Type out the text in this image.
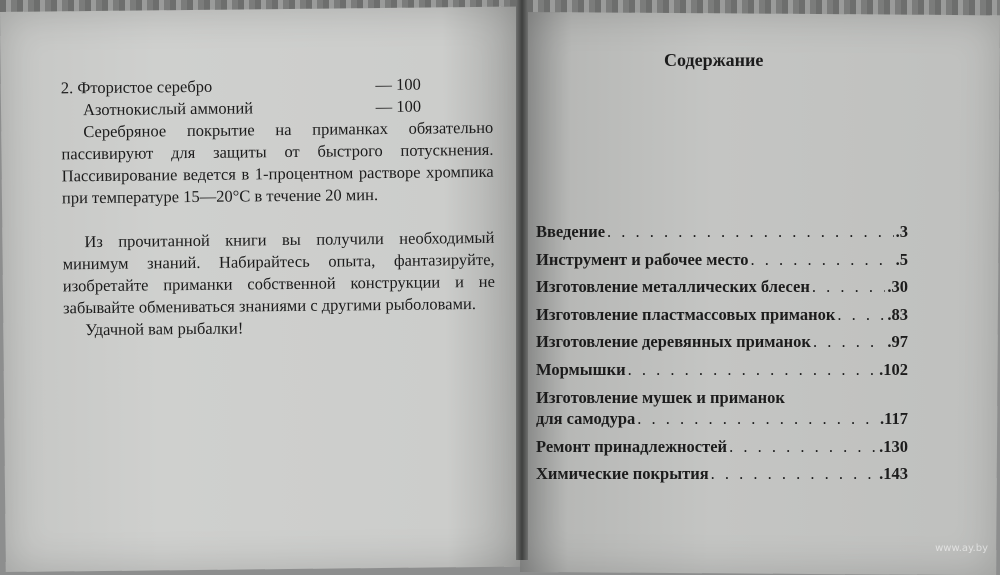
2. Фтористое серебро	— 100
Азотнокислый аммоний	— 100
Серебряное покрытие на приманках обязательно пассивируют для защиты от быстрого потускнения. Пассивирование ведется в 1-процентном растворе хромпика при температуре 15—20°С в течение 20 мин.
Из прочитанной книги вы получили необходимый минимум знаний. Набирайтесь опыта, фантазируйте, изобретайте приманки собственной конструкции и не забывайте обмениваться знаниями с другими рыболовами.
Удачной вам рыбалки!
Содержание
Введение . . .	.3
Инструмент и рабочее место . . .	.5
Изготовление металлических блесен . . .	.30
Изготовление пластмассовых приманок . . .	.83
Изготовление деревянных приманок . . .	.97
Мормышки . . .	.102
Изготовление мушек и приманок
для самодура . . .	.117
Ремонт принадлежностей . . .	.130
Химические покрытия . . .	.143
www.ay.by
